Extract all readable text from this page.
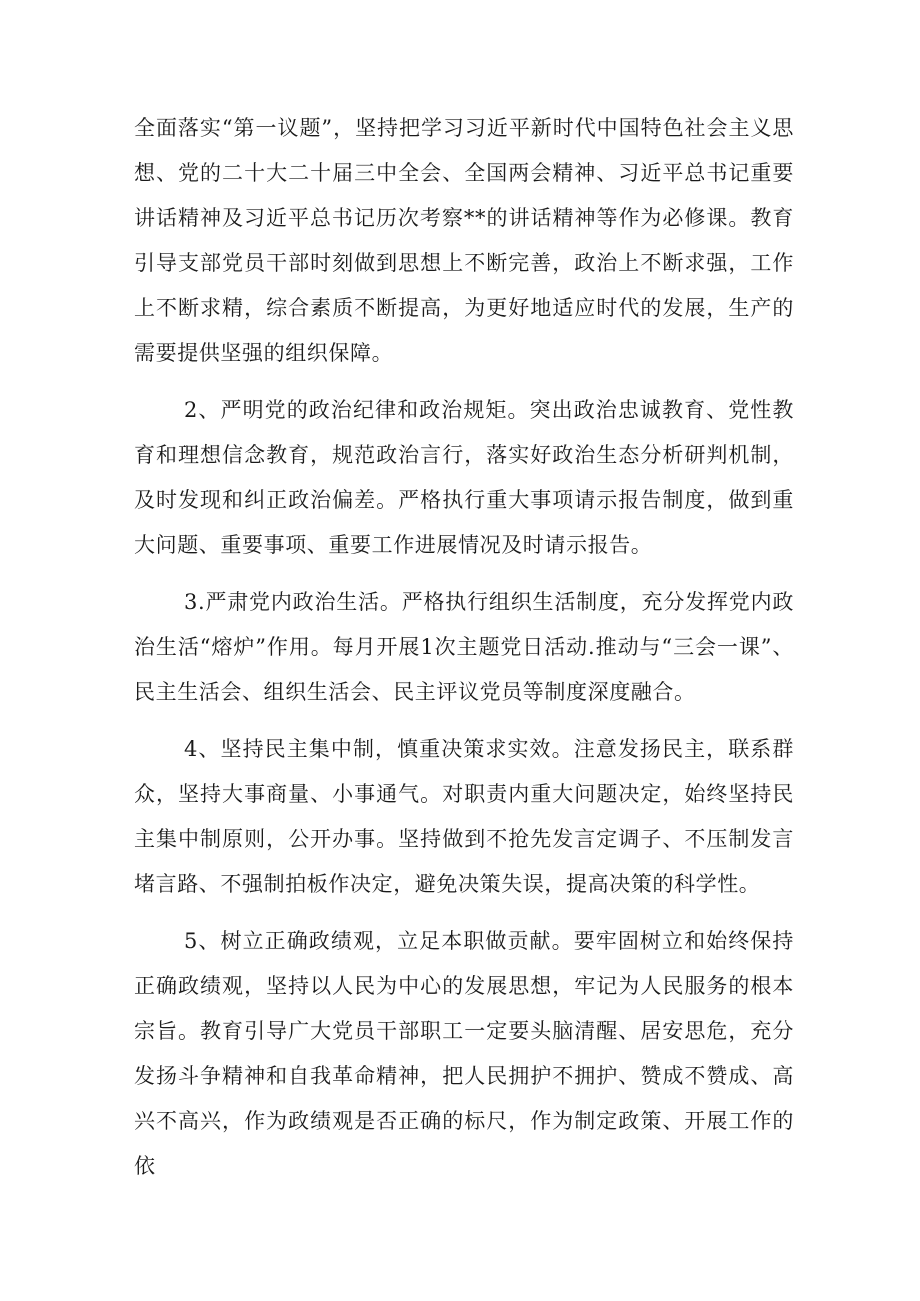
全面落实“第一议题”，坚持把学习习近平新时代中国特色社会主义思想、党的二十大二十届三中全会、全国两会精神、习近平总书记重要讲话精神及习近平总书记历次考察**的讲话精神等作为必修课。教育引导支部党员干部时刻做到思想上不断完善，政治上不断求强，工作上不断求精，综合素质不断提高，为更好地适应时代的发展，生产的需要提供坚强的组织保障。

2、严明党的政治纪律和政治规矩。突出政治忠诚教育、党性教育和理想信念教育，规范政治言行，落实好政治生态分析研判机制，及时发现和纠正政治偏差。严格执行重大事项请示报告制度，做到重大问题、重要事项、重要工作进展情况及时请示报告。

3.严肃党内政治生活。严格执行组织生活制度，充分发挥党内政治生活“熔炉”作用。每月开展1次主题党日活动.推动与“三会一课”、民主生活会、组织生活会、民主评议党员等制度深度融合。

4、坚持民主集中制，慎重决策求实效。注意发扬民主，联系群众，坚持大事商量、小事通气。对职责内重大问题决定，始终坚持民主集中制原则，公开办事。坚持做到不抢先发言定调子、不压制发言堵言路、不强制拍板作决定，避免决策失误，提高决策的科学性。

5、树立正确政绩观，立足本职做贡献。要牢固树立和始终保持正确政绩观，坚持以人民为中心的发展思想，牢记为人民服务的根本宗旨。教育引导广大党员干部职工一定要头脑清醒、居安思危，充分发扬斗争精神和自我革命精神，把人民拥护不拥护、赞成不赞成、高兴不高兴，作为政绩观是否正确的标尺，作为制定政策、开展工作的依
